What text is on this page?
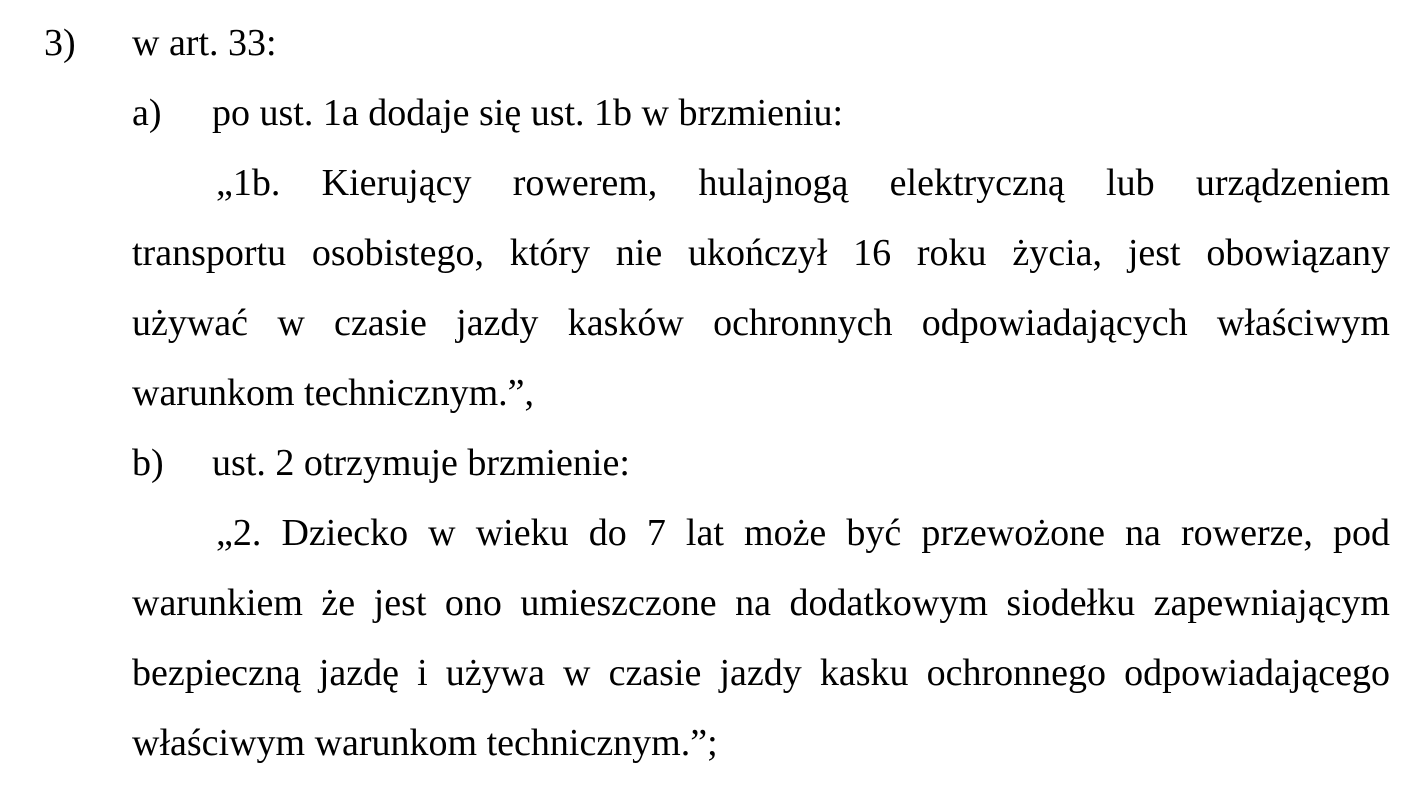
3) w art. 33:
a) po ust. 1a dodaje się ust. 1b w brzmieniu:
„1b. Kierujący rowerem, hulajnogą elektryczną lub urządzeniem
transportu osobistego, który nie ukończył 16 roku życia, jest obowiązany
używać w czasie jazdy kasków ochronnych odpowiadających właściwym
warunkom technicznym.”,
b) ust. 2 otrzymuje brzmienie:
„2. Dziecko w wieku do 7 lat może być przewożone na rowerze, pod
warunkiem że jest ono umieszczone na dodatkowym siodełku zapewniającym
bezpieczną jazdę i używa w czasie jazdy kasku ochronnego odpowiadającego
właściwym warunkom technicznym.”;
